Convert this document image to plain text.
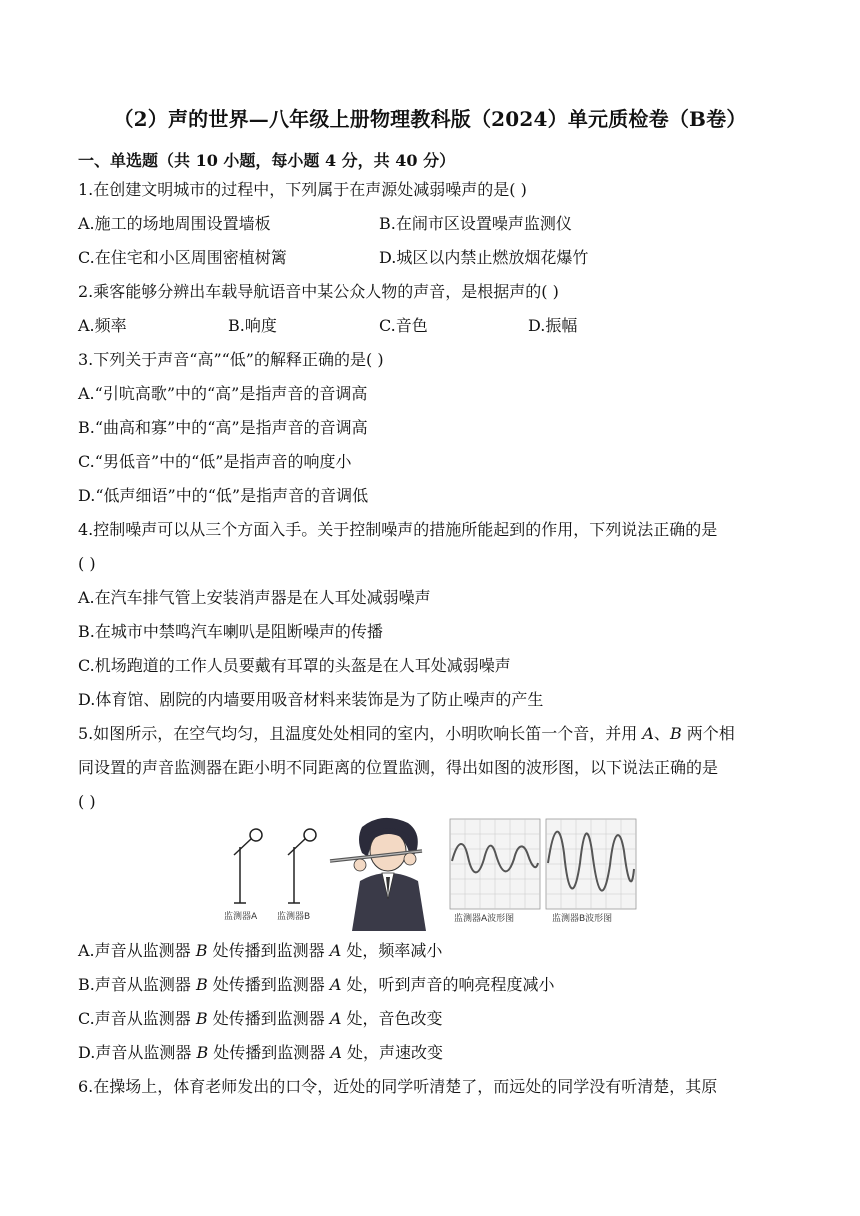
（2）声的世界—八年级上册物理教科版（2024）单元质检卷（B卷）
一、单选题（共 10 小题，每小题 4 分，共 40 分）
1.在创建文明城市的过程中，下列属于在声源处减弱噪声的是( )
A.施工的场地周围设置墙板	B.在闹市区设置噪声监测仪
C.在住宅和小区周围密植树篱	D.城区以内禁止燃放烟花爆竹
2.乘客能够分辨出车载导航语音中某公众人物的声音，是根据声的( )
A.频率	B.响度	C.音色	D.振幅
3.下列关于声音“高”“低”的解释正确的是( )
A.“引吭高歌”中的“高”是指声音的音调高
B.“曲高和寡”中的“高”是指声音的音调高
C.“男低音”中的“低”是指声音的响度小
D.“低声细语”中的“低”是指声音的音调低
4.控制噪声可以从三个方面入手。关于控制噪声的措施所能起到的作用，下列说法正确的是
( )
A.在汽车排气管上安装消声器是在人耳处减弱噪声
B.在城市中禁鸣汽车喇叭是阻断噪声的传播
C.机场跑道的工作人员要戴有耳罩的头盔是在人耳处减弱噪声
D.体育馆、剧院的内墙要用吸音材料来装饰是为了防止噪声的产生
5.如图所示，在空气均匀，且温度处处相同的室内，小明吹响长笛一个音，并用 A、B 两个相
同设置的声音监测器在距小明不同距离的位置监测，得出如图的波形图，以下说法正确的是
( )
监测器A 监测器B	监测器A波形图	监测器B波形图
A.声音从监测器 B 处传播到监测器 A 处，频率减小
B.声音从监测器 B 处传播到监测器 A 处，听到声音的响亮程度减小
C.声音从监测器 B 处传播到监测器 A 处，音色改变
D.声音从监测器 B 处传播到监测器 A 处，声速改变
6.在操场上，体育老师发出的口令，近处的同学听清楚了，而远处的同学没有听清楚，其原
